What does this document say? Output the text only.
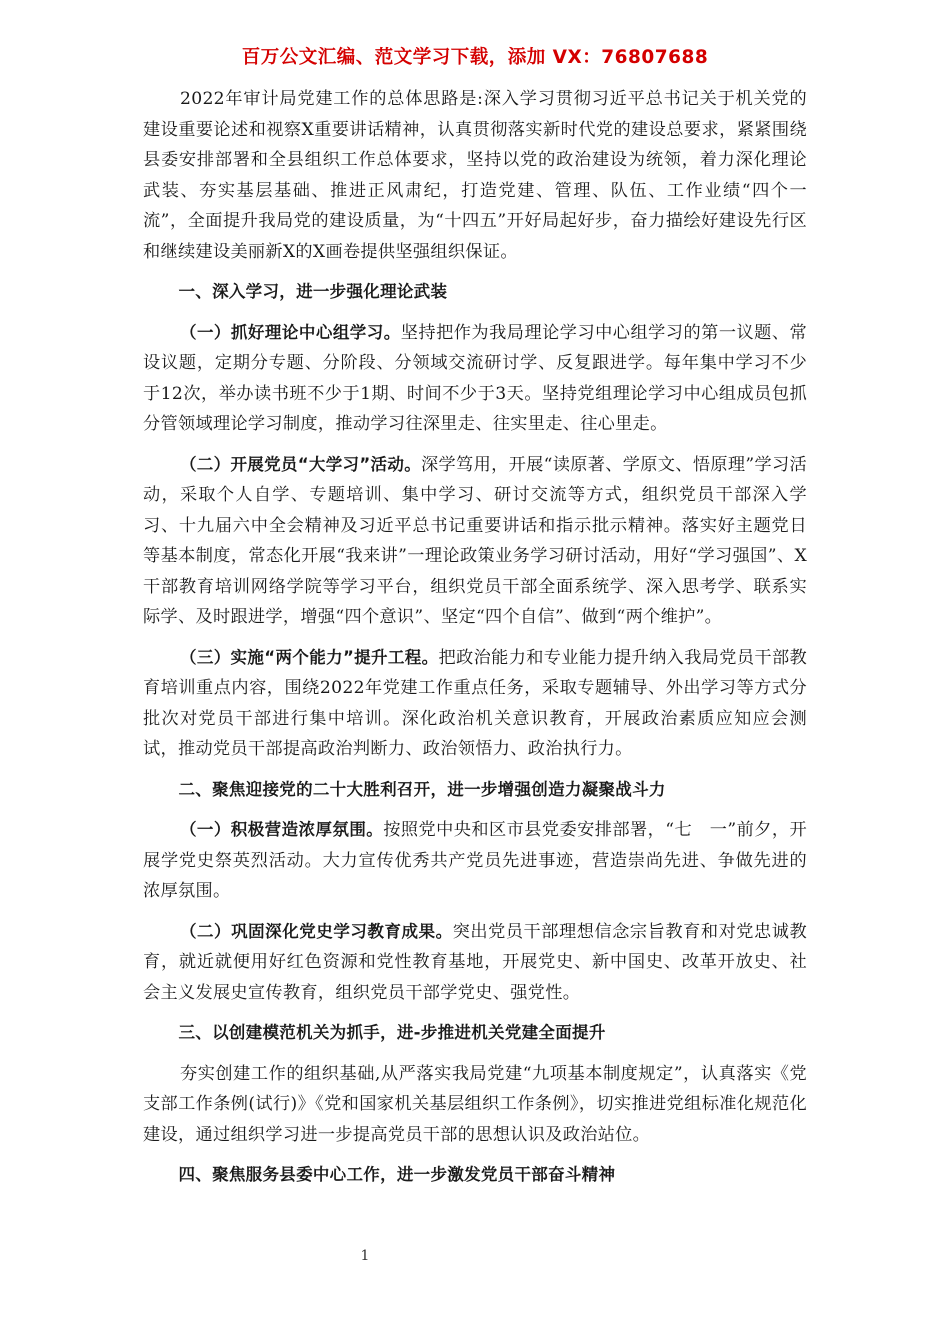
百万公文汇编、范文学习下载，添加 VX：76807688

2022年审计局党建工作的总体思路是:深入学习贯彻习近平总书记关于机关党的建设重要论述和视察X重要讲话精神，认真贯彻落实新时代党的建设总要求，紧紧围绕县委安排部署和全县组织工作总体要求，坚持以党的政治建设为统领，着力深化理论武装、夯实基层基础、推进正风肃纪，打造党建、管理、队伍、工作业绩“四个一流”，全面提升我局党的建设质量，为“十四五”开好局起好步，奋力描绘好建设先行区和继续建设美丽新X的X画卷提供坚强组织保证。

一、深入学习，进一步强化理论武装

（一）抓好理论中心组学习。坚持把作为我局理论学习中心组学习的第一议题、常设议题，定期分专题、分阶段、分领域交流研讨学、反复跟进学。每年集中学习不少于12次，举办读书班不少于1期、时间不少于3天。坚持党组理论学习中心组成员包抓分管领域理论学习制度，推动学习往深里走、往实里走、往心里走。

（二）开展党员“大学习”活动。深学笃用，开展“读原著、学原文、悟原理”学习活动，采取个人自学、专题培训、集中学习、研讨交流等方式，组织党员干部深入学习、十九届六中全会精神及习近平总书记重要讲话和指示批示精神。落实好主题党日等基本制度，常态化开展“我来讲”一理论政策业务学习研讨活动，用好“学习强国”、X干部教育培训网络学院等学习平台，组织党员干部全面系统学、深入思考学、联系实际学、及时跟进学，增强“四个意识”、坚定“四个自信”、做到“两个维护”。

（三）实施“两个能力”提升工程。把政治能力和专业能力提升纳入我局党员干部教育培训重点内容，围绕2022年党建工作重点任务，采取专题辅导、外出学习等方式分批次对党员干部进行集中培训。深化政治机关意识教育，开展政治素质应知应会测试，推动党员干部提高政治判断力、政治领悟力、政治执行力。

二、聚焦迎接党的二十大胜利召开，进一步增强创造力凝聚战斗力

（一）积极营造浓厚氛围。按照党中央和区市县党委安排部署，“七　一”前夕，开展学党史祭英烈活动。大力宣传优秀共产党员先进事迹，营造崇尚先进、争做先进的浓厚氛围。

（二）巩固深化党史学习教育成果。突出党员干部理想信念宗旨教育和对党忠诚教育，就近就便用好红色资源和党性教育基地，开展党史、新中国史、改革开放史、社会主义发展史宣传教育，组织党员干部学党史、强党性。

三、以创建模范机关为抓手，进-步推进机关党建全面提升

夯实创建工作的组织基础,从严落实我局党建“九项基本制度规定”，认真落实《党支部工作条例(试行)》《党和国家机关基层组织工作条例》，切实推进党组标准化规范化建设，通过组织学习进一步提高党员干部的思想认识及政治站位。

四、聚焦服务县委中心工作，进一步激发党员干部奋斗精神

1
